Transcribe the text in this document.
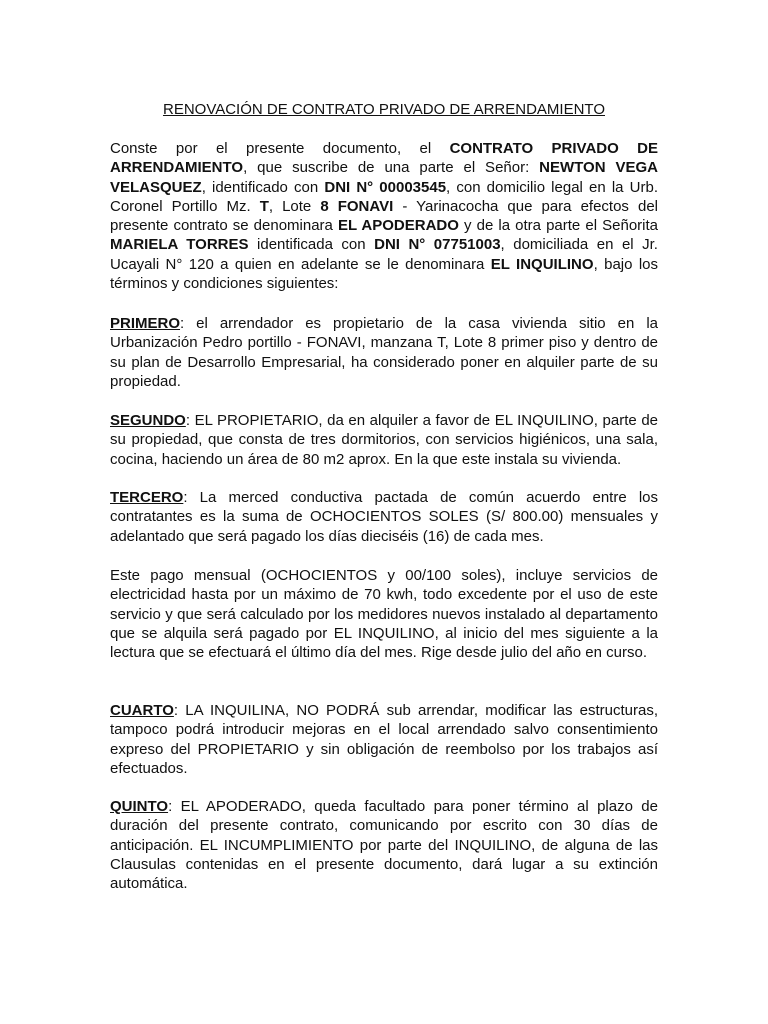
RENOVACIÓN DE CONTRATO PRIVADO DE ARRENDAMIENTO

Conste por el presente documento, el CONTRATO PRIVADO DE ARRENDAMIENTO, que suscribe de una parte el Señor: NEWTON VEGA VELASQUEZ, identificado con DNI N° 00003545, con domicilio legal en la Urb. Coronel Portillo Mz. T, Lote 8 FONAVI - Yarinacocha que para efectos del presente contrato se denominara EL APODERADO y de la otra parte el Señorita MARIELA TORRES identificada con DNI N° 07751003, domiciliada en el Jr. Ucayali N° 120 a quien en adelante se le denominara EL INQUILINO, bajo los términos y condiciones siguientes:

PRIMERO: el arrendador es propietario de la casa vivienda sitio en la Urbanización Pedro portillo - FONAVI, manzana T, Lote 8 primer piso y dentro de su plan de Desarrollo Empresarial, ha considerado poner en alquiler parte de su propiedad.

SEGUNDO: EL PROPIETARIO, da en alquiler a favor de EL INQUILINO, parte de su propiedad, que consta de tres dormitorios, con servicios higiénicos, una sala, cocina, haciendo un área de 80 m2 aprox. En la que este instala su vivienda.

TERCERO: La merced conductiva pactada de común acuerdo entre los contratantes es la suma de OCHOCIENTOS SOLES (S/ 800.00) mensuales y adelantado que será pagado los días dieciséis (16) de cada mes.

Este pago mensual (OCHOCIENTOS y 00/100 soles), incluye servicios de electricidad hasta por un máximo de 70 kwh, todo excedente por el uso de este servicio y que será calculado por los medidores nuevos instalado al departamento que se alquila será pagado por EL INQUILINO, al inicio del mes siguiente a la lectura que se efectuará el último día del mes. Rige desde julio del año en curso.

CUARTO: LA INQUILINA, NO PODRÁ sub arrendar, modificar las estructuras, tampoco podrá introducir mejoras en el local arrendado salvo consentimiento expreso del PROPIETARIO y sin obligación de reembolso por los trabajos así efectuados.

QUINTO: EL APODERADO, queda facultado para poner término al plazo de duración del presente contrato, comunicando por escrito con 30 días de anticipación. EL INCUMPLIMIENTO por parte del INQUILINO, de alguna de las Clausulas contenidas en el presente documento, dará lugar a su extinción automática.
